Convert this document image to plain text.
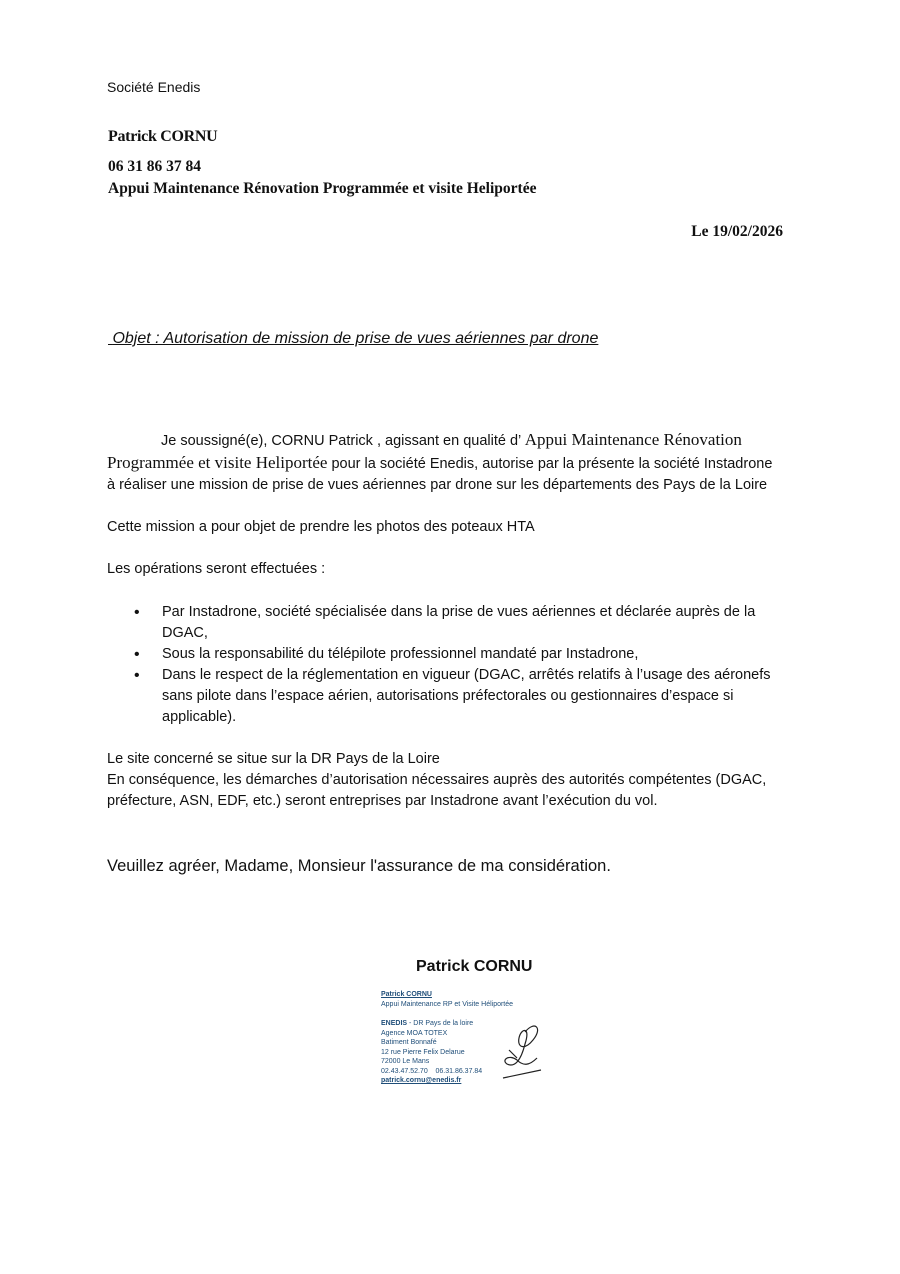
Société Enedis
Patrick CORNU
06 31 86 37 84
Appui Maintenance Rénovation Programmée et visite Heliportée
Le 19/02/2026
Objet : Autorisation de mission de prise de vues aériennes par drone

Je soussigné(e), CORNU Patrick , agissant en qualité d’ Appui Maintenance Rénovation Programmée et visite Heliportée pour la société Enedis, autorise par la présente la société Instadrone à réaliser une mission de prise de vues aériennes par drone sur les départements des Pays de la Loire

Cette mission a pour objet de prendre les photos des poteaux HTA

Les opérations seront effectuées :

• Par Instadrone, société spécialisée dans la prise de vues aériennes et déclarée auprès de la DGAC,
• Sous la responsabilité du télépilote professionnel mandaté par Instadrone,
• Dans le respect de la réglementation en vigueur (DGAC, arrêtés relatifs à l’usage des aéronefs sans pilote dans l’espace aérien, autorisations préfectorales ou gestionnaires d’espace si applicable).

Le site concerné se situe sur la DR Pays de la Loire
En conséquence, les démarches d’autorisation nécessaires auprès des autorités compétentes (DGAC, préfecture, ASN, EDF, etc.) seront entreprises par Instadrone avant l’exécution du vol.

Veuillez agréer, Madame, Monsieur l'assurance de ma considération.

Patrick CORNU
Patrick CORNU
Appui Maintenance RP et Visite Héliportée
ENEDIS - DR Pays de la loire
Agence MOA TOTEX
Batiment Bonnafé
12 rue Pierre Felix Delarue
72000 Le Mans
02.43.47.52.70    06.31.86.37.84
patrick.cornu@enedis.fr
